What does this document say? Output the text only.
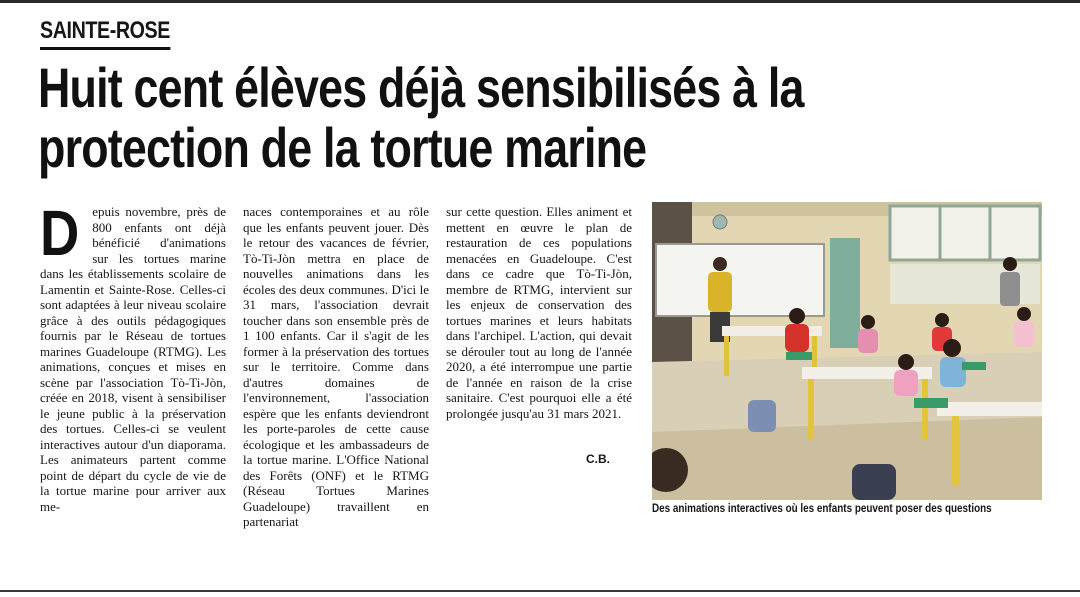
SAINTE-ROSE
Huit cent élèves déjà sensibilisés à la protection de la tortue marine

Depuis novembre, près de 800 enfants ont déjà bénéficié d'animations sur les tortues marine dans les établissements scolaire de Lamentin et Sainte-Rose. Celles-ci sont adaptées à leur niveau scolaire grâce à des outils pédagogiques fournis par le Réseau de tortues marines Guadeloupe (RTMG). Les animations, conçues et mises en scène par l'association Tò-Ti-Jòn, créée en 2018, visent à sensibiliser le jeune public à la préservation des tortues. Celles-ci se veulent interactives autour d'un diaporama. Les animateurs partent comme point de départ du cycle de vie de la tortue marine pour arriver aux me-

naces contemporaines et au rôle que les enfants peuvent jouer. Dès le retour des vacances de février, Tò-Ti-Jòn mettra en place de nouvelles animations dans les écoles des deux communes. D'ici le 31 mars, l'association devrait toucher dans son ensemble près de 1 100 enfants. Car il s'agit de les former à la préservation des tortues sur le territoire. Comme dans d'autres domaines de l'environnement, l'association espère que les enfants deviendront les porte-paroles de cette cause écologique et les ambassadeurs de la tortue marine. L'Office National des Forêts (ONF) et le RTMG (Réseau Tortues Marines Guadeloupe) travaillent en partenariat

sur cette question. Elles animent et mettent en œuvre le plan de restauration de ces populations menacées en Guadeloupe. C'est dans ce cadre que Tò-Ti-Jòn, membre de RTMG, intervient sur les enjeux de conservation des tortues marines et leurs habitats dans l'archipel. L'action, qui devait se dérouler tout au long de l'année 2020, a été interrompue une partie de l'année en raison de la crise sanitaire. C'est pourquoi elle a été prolongée jusqu'au 31 mars 2021.

C.B.
Des animations interactives où les enfants peuvent poser des questions
